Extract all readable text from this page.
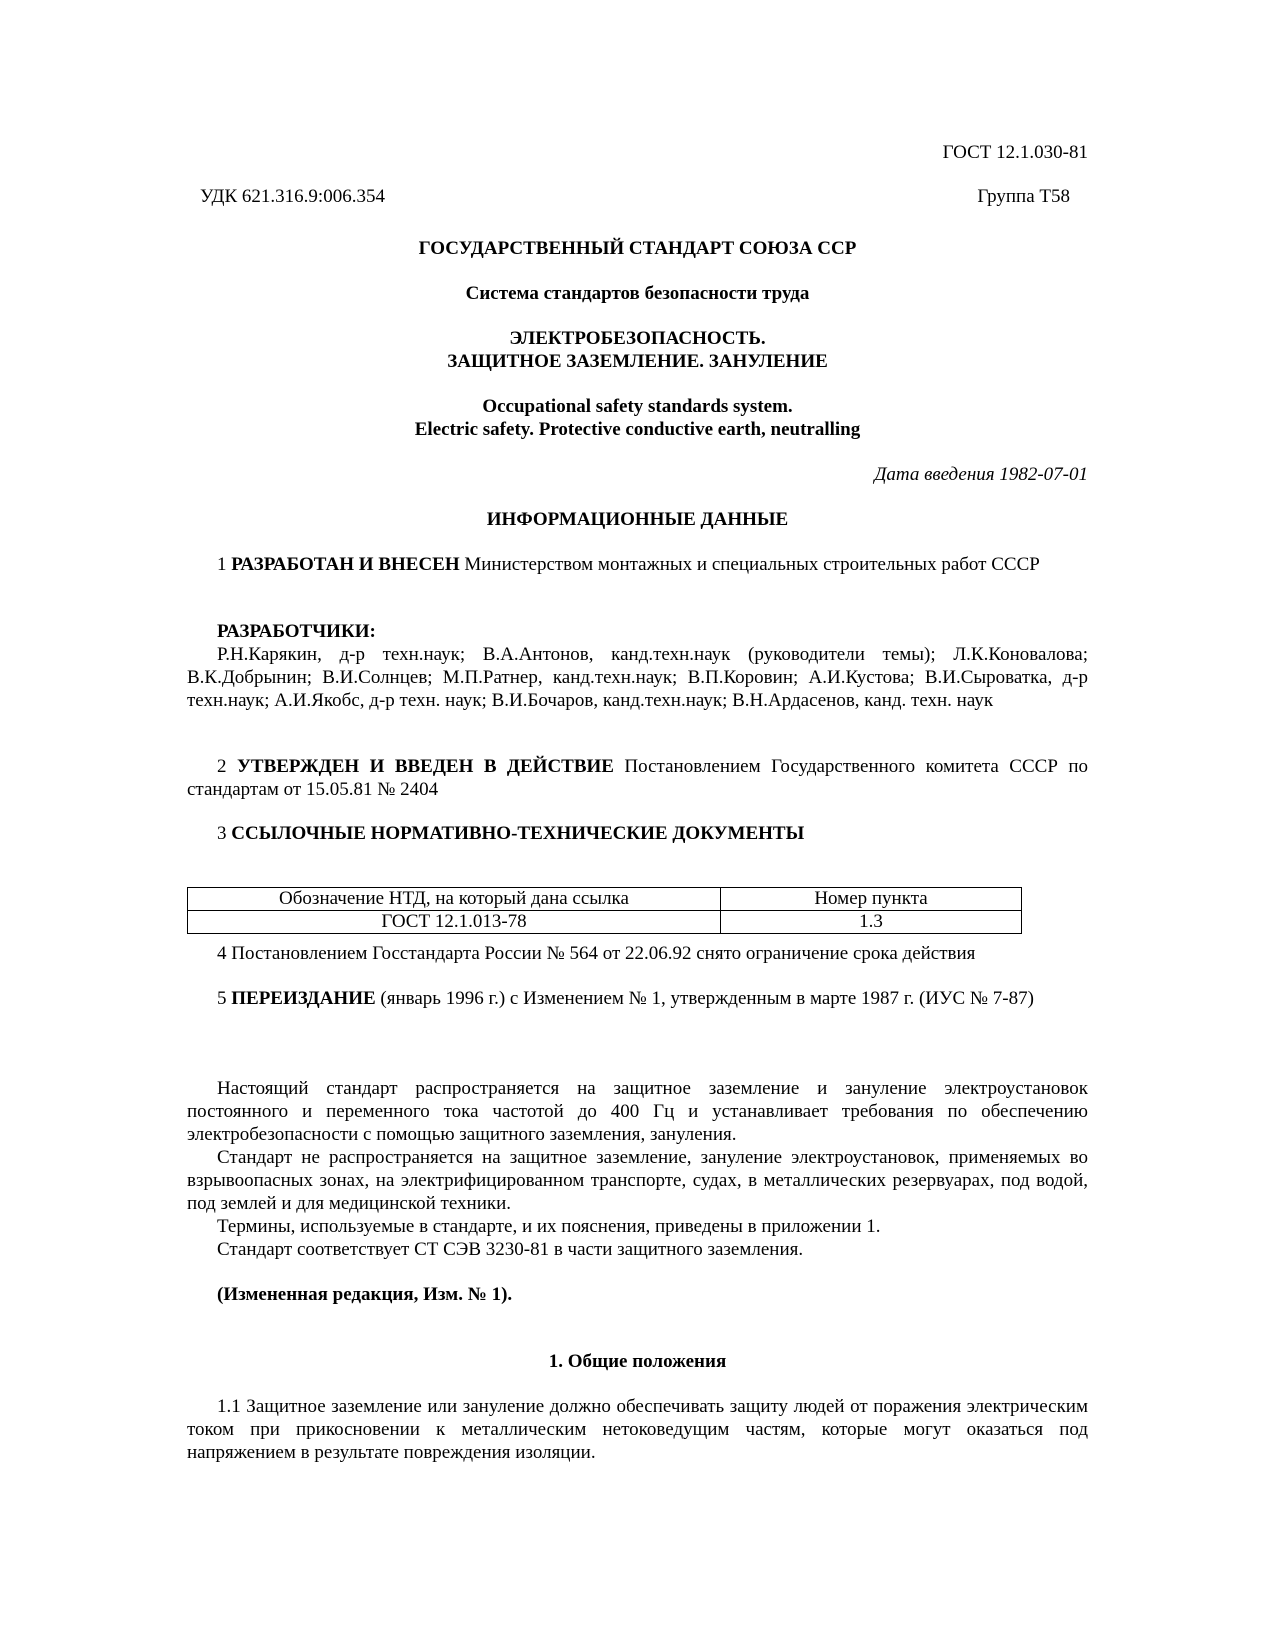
ГОСТ 12.1.030-81
УДК 621.316.9:006.354	Группа Т58
ГОСУДАРСТВЕННЫЙ СТАНДАРТ СОЮЗА ССР
Система стандартов безопасности труда
ЭЛЕКТРОБЕЗОПАСНОСТЬ.
ЗАЩИТНОЕ ЗАЗЕМЛЕНИЕ. ЗАНУЛЕНИЕ
Occupational safety standards system.
Electric safety. Protective conductive earth, neutralling
Дата введения 1982-07-01
ИНФОРМАЦИОННЫЕ ДАННЫЕ
1 РАЗРАБОТАН И ВНЕСЕН Министерством монтажных и специальных строительных работ СССР
РАЗРАБОТЧИКИ:
Р.Н.Карякин, д-р техн.наук; В.А.Антонов, канд.техн.наук (руководители темы); Л.К.Коновалова; В.К.Добрынин; В.И.Солнцев; М.П.Ратнер, канд.техн.наук; В.П.Коровин; А.И.Кустова; В.И.Сыроватка, д-р техн.наук; А.И.Якобс, д-р техн. наук; В.И.Бочаров, канд.техн.наук; В.Н.Ардасенов, канд. техн. наук
2 УТВЕРЖДЕН И ВВЕДЕН В ДЕЙСТВИЕ Постановлением Государственного комитета СССР по стандартам от 15.05.81 № 2404
3 ССЫЛОЧНЫЕ НОРМАТИВНО-ТЕХНИЧЕСКИЕ ДОКУМЕНТЫ
Обозначение НТД, на который дана ссылка	Номер пункта
ГОСТ 12.1.013-78	1.3
4 Постановлением Госстандарта России № 564 от 22.06.92 снято ограничение срока действия
5 ПЕРЕИЗДАНИЕ (январь 1996 г.) с Изменением № 1, утвержденным в марте 1987 г. (ИУС № 7-87)
Настоящий стандарт распространяется на защитное заземление и зануление электроустановок постоянного и переменного тока частотой до 400 Гц и устанавливает требования по обеспечению электробезопасности с помощью защитного заземления, зануления.
Стандарт не распространяется на защитное заземление, зануление электроустановок, применяемых во взрывоопасных зонах, на электрифицированном транспорте, судах, в металлических резервуарах, под водой, под землей и для медицинской техники.
Термины, используемые в стандарте, и их пояснения, приведены в приложении 1.
Стандарт соответствует СТ СЭВ 3230-81 в части защитного заземления.
(Измененная редакция, Изм. № 1).
1. Общие положения
1.1 Защитное заземление или зануление должно обеспечивать защиту людей от поражения электрическим током при прикосновении к металлическим нетоковедущим частям, которые могут оказаться под напряжением в результате повреждения изоляции.
